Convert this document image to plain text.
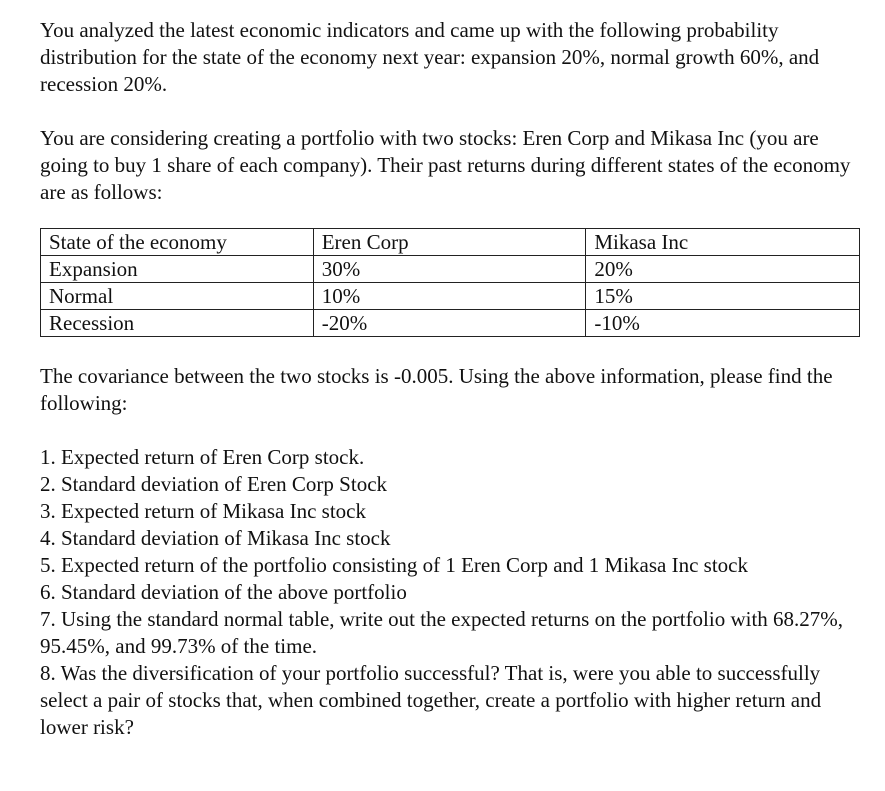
You analyzed the latest economic indicators and came up with the following probability distribution for the state of the economy next year: expansion 20%, normal growth 60%, and recession 20%.

You are considering creating a portfolio with two stocks: Eren Corp and Mikasa Inc (you are going to buy 1 share of each company). Their past returns during different states of the economy are as follows:

State of the economy	Eren Corp	Mikasa Inc
Expansion	30%	20%
Normal	10%	15%
Recession	-20%	-10%

The covariance between the two stocks is -0.005. Using the above information, please find the following:

1. Expected return of Eren Corp stock.
2. Standard deviation of Eren Corp Stock
3. Expected return of Mikasa Inc stock
4. Standard deviation of Mikasa Inc stock
5. Expected return of the portfolio consisting of 1 Eren Corp and 1 Mikasa Inc stock
6. Standard deviation of the above portfolio
7. Using the standard normal table, write out the expected returns on the portfolio with 68.27%, 95.45%, and 99.73% of the time.
8. Was the diversification of your portfolio successful? That is, were you able to successfully select a pair of stocks that, when combined together, create a portfolio with higher return and lower risk?
